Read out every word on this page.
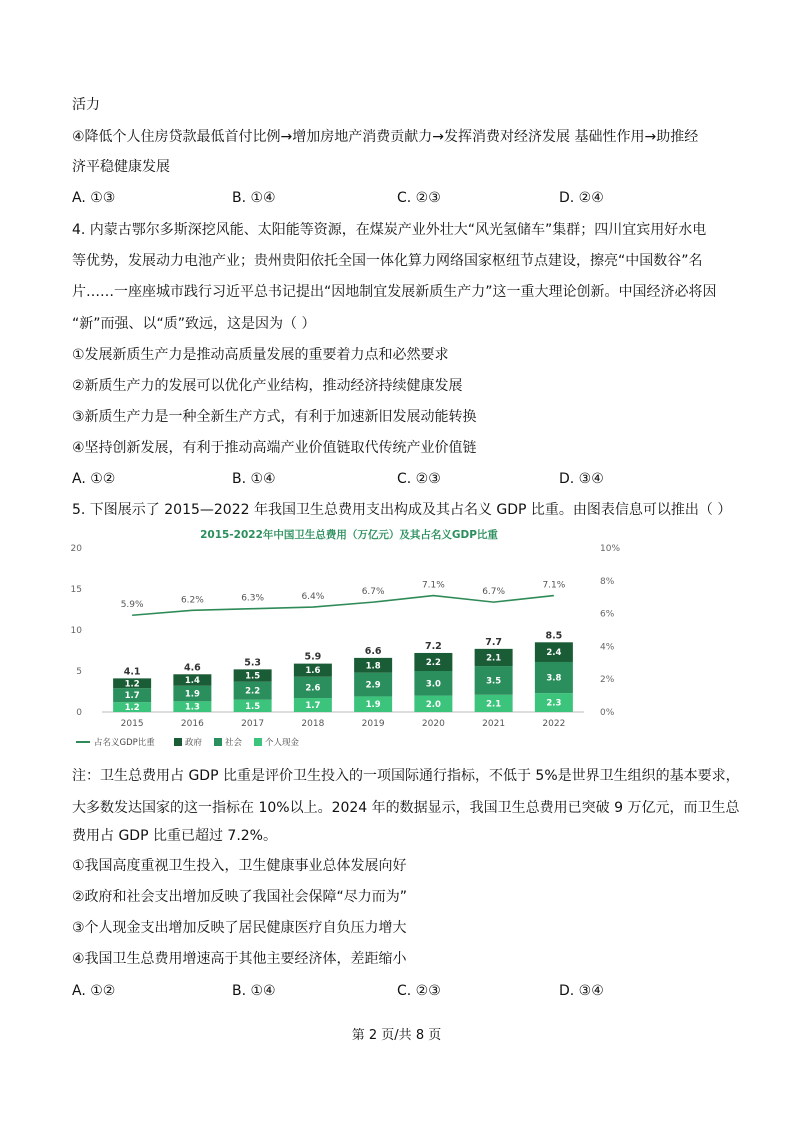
活力
④降低个人住房贷款最低首付比例→增加房地产消费贡献力→发挥消费对经济发展 基础性作用→助推经
济平稳健康发展
A. ①③	B. ①④	C. ②③	D. ②④
4. 内蒙古鄂尔多斯深挖风能、太阳能等资源，在煤炭产业外壮大“风光氢储车”集群；四川宜宾用好水电
等优势，发展动力电池产业；贵州贵阳依托全国一体化算力网络国家枢纽节点建设，擦亮“中国数谷”名
片……一座座城市践行习近平总书记提出“因地制宜发展新质生产力”这一重大理论创新。中国经济必将因
“新”而强、以“质”致远，这是因为（ ）
①发展新质生产力是推动高质量发展的重要着力点和必然要求
②新质生产力的发展可以优化产业结构，推动经济持续健康发展
③新质生产力是一种全新生产方式，有利于加速新旧发展动能转换
④坚持创新发展，有利于推动高端产业价值链取代传统产业价值链
A. ①②	B. ①④	C. ②③	D. ③④
5. 下图展示了 2015—2022 年我国卫生总费用支出构成及其占名义 GDP 比重。由图表信息可以推出（ ）
2015-2022年中国卫生总费用（万亿元）及其占名义GDP比重
0
5
10
15
20
0%
2%
4%
6%
8%
10%
2015	2016	2017	2018	2019	2020	2021	2022
1.2
1.7
1.2
4.1
1.3
1.9
1.4
4.6
1.5
2.2
1.5
5.3
1.7
2.6
1.6
5.9
1.9
2.9
1.8
6.6
2.0
3.0
2.2
7.2
2.1
3.5
2.1
7.7
2.3
3.8
2.4
8.5
5.9%	6.2%	6.3%	6.4%	6.7%
7.1%
6.7%
7.1%
占名义GDP比重	政府	社会	个人现金
注：卫生总费用占 GDP 比重是评价卫生投入的一项国际通行指标，不低于 5%是世界卫生组织的基本要求，
大多数发达国家的这一指标在 10%以上。2024 年的数据显示，我国卫生总费用已突破 9 万亿元，而卫生总
费用占 GDP 比重已超过 7.2%。
①我国高度重视卫生投入，卫生健康事业总体发展向好
②政府和社会支出增加反映了我国社会保障“尽力而为”
③个人现金支出增加反映了居民健康医疗自负压力增大
④我国卫生总费用增速高于其他主要经济体，差距缩小
A. ①②	B. ①④	C. ②③	D. ③④
第 2 页/共 8 页
